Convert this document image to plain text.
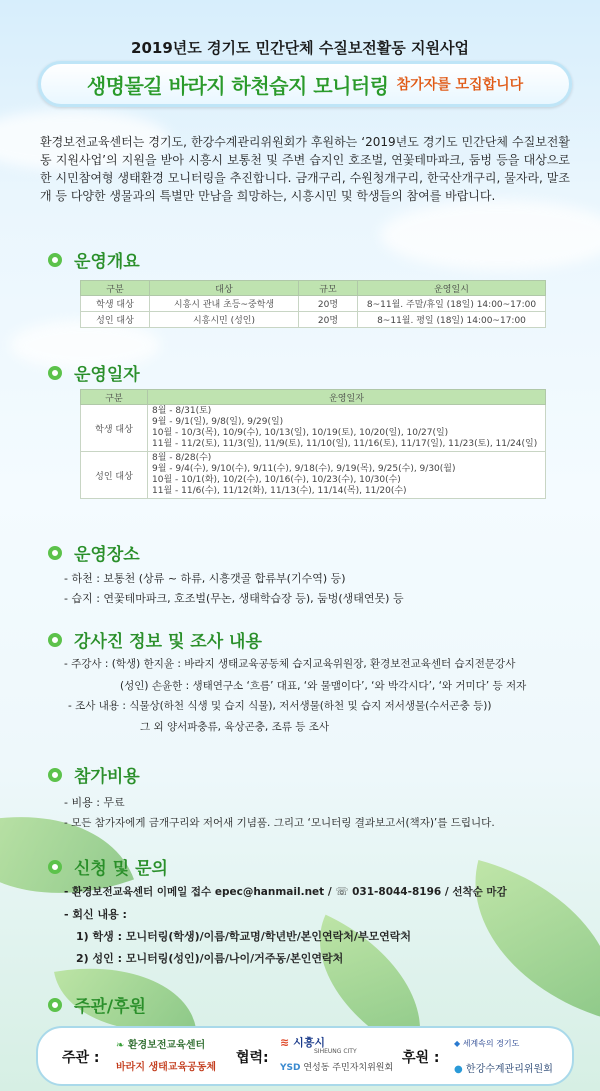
2019년도 경기도 민간단체 수질보전활동 지원사업
생명물길 바라지 하천습지 모니터링 참가자를 모집합니다
환경보전교육센터는 경기도, 한강수계관리위원회가 후원하는 ‘2019년도 경기도 민간단체 수질보전활동 지원사업’의 지원을 받아 시흥시 보통천 및 주변 습지인 호조벌, 연꽃테마파크, 둠벙 등을 대상으로 한 시민참여형 생태환경 모니터링을 추진합니다. 금개구리, 수원청개구리, 한국산개구리, 물자라, 말조개 등 다양한 생물과의 특별만 만남을 희망하는, 시흥시민 및 학생들의 참여를 바랍니다.
운영개요
구분	대상	규모	운영일시
학생 대상	시흥시 관내 초등~중학생	20명	8~11월. 주말/휴일 (18일) 14:00~17:00
성인 대상	시흥시민 (성인)	20명	8~11월. 평일 (18일) 14:00~17:00
운영일자
구분	운영일자
학생 대상	8월 - 8/31(토)
9월 - 9/1(일), 9/8(일), 9/29(일)
10월 - 10/3(목), 10/9(수), 10/13(일), 10/19(토), 10/20(일), 10/27(일)
11월 - 11/2(토), 11/3(일), 11/9(토), 11/10(일), 11/16(토), 11/17(일), 11/23(토), 11/24(일)

성인 대상	8월 - 8/28(수)
9월 - 9/4(수), 9/10(수), 9/11(수), 9/18(수), 9/19(목), 9/25(수), 9/30(월)
10월 - 10/1(화), 10/2(수), 10/16(수), 10/23(수), 10/30(수)
11월 - 11/6(수), 11/12(화), 11/13(수), 11/14(목), 11/20(수)
운영장소
- 하천 : 보통천 (상류 ~ 하류, 시흥갯골 합류부(기수역) 등)
- 습지 : 연꽃테마파크, 호조벌(무논, 생태학습장 등), 둠벙(생태연못) 등
강사진 정보 및 조사 내용
- 주강사 : (학생) 한지윤 : 바라지 생태교육공동체 습지교육위원장, 환경보전교육센터 습지전문강사
(성인) 손윤한 : 생태연구소 ‘흐름’ 대표, ‘와 물맴이다’, ‘와 박각시다’, ‘와 거미다’ 등 저자
- 조사 내용 : 식물상(하천 식생 및 습지 식물), 저서생물(하천 및 습지 저서생물(수서곤충 등))
그 외 양서파충류, 육상곤충, 조류 등 조사
참가비용
- 비용 : 무료
- 모든 참가자에게 금개구리와 저어새 기념품. 그리고 ‘모니터링 결과보고서(책자)’를 드립니다.
신청 및 문의
- 환경보전교육센터 이메일 접수 epec@hanmail.net / ☏ 031-8044-8196 / 선착순 마감
- 회신 내용 :
1) 학생 : 모니터링(학생)/이름/학교명/학년반/본인연락처/부모연락처
2) 성인 : 모니터링(성인)/이름/나이/거주동/본인연락처
주관/후원
주관 :
❧ 환경보전교육센터
바라지 생태교육공동체
협력:
≋ 시흥시
SIHEUNG CITY
YSD 연성동 주민자치위원회
후원 :
◆ 세계속의 경기도
● 한강수계관리위원회
